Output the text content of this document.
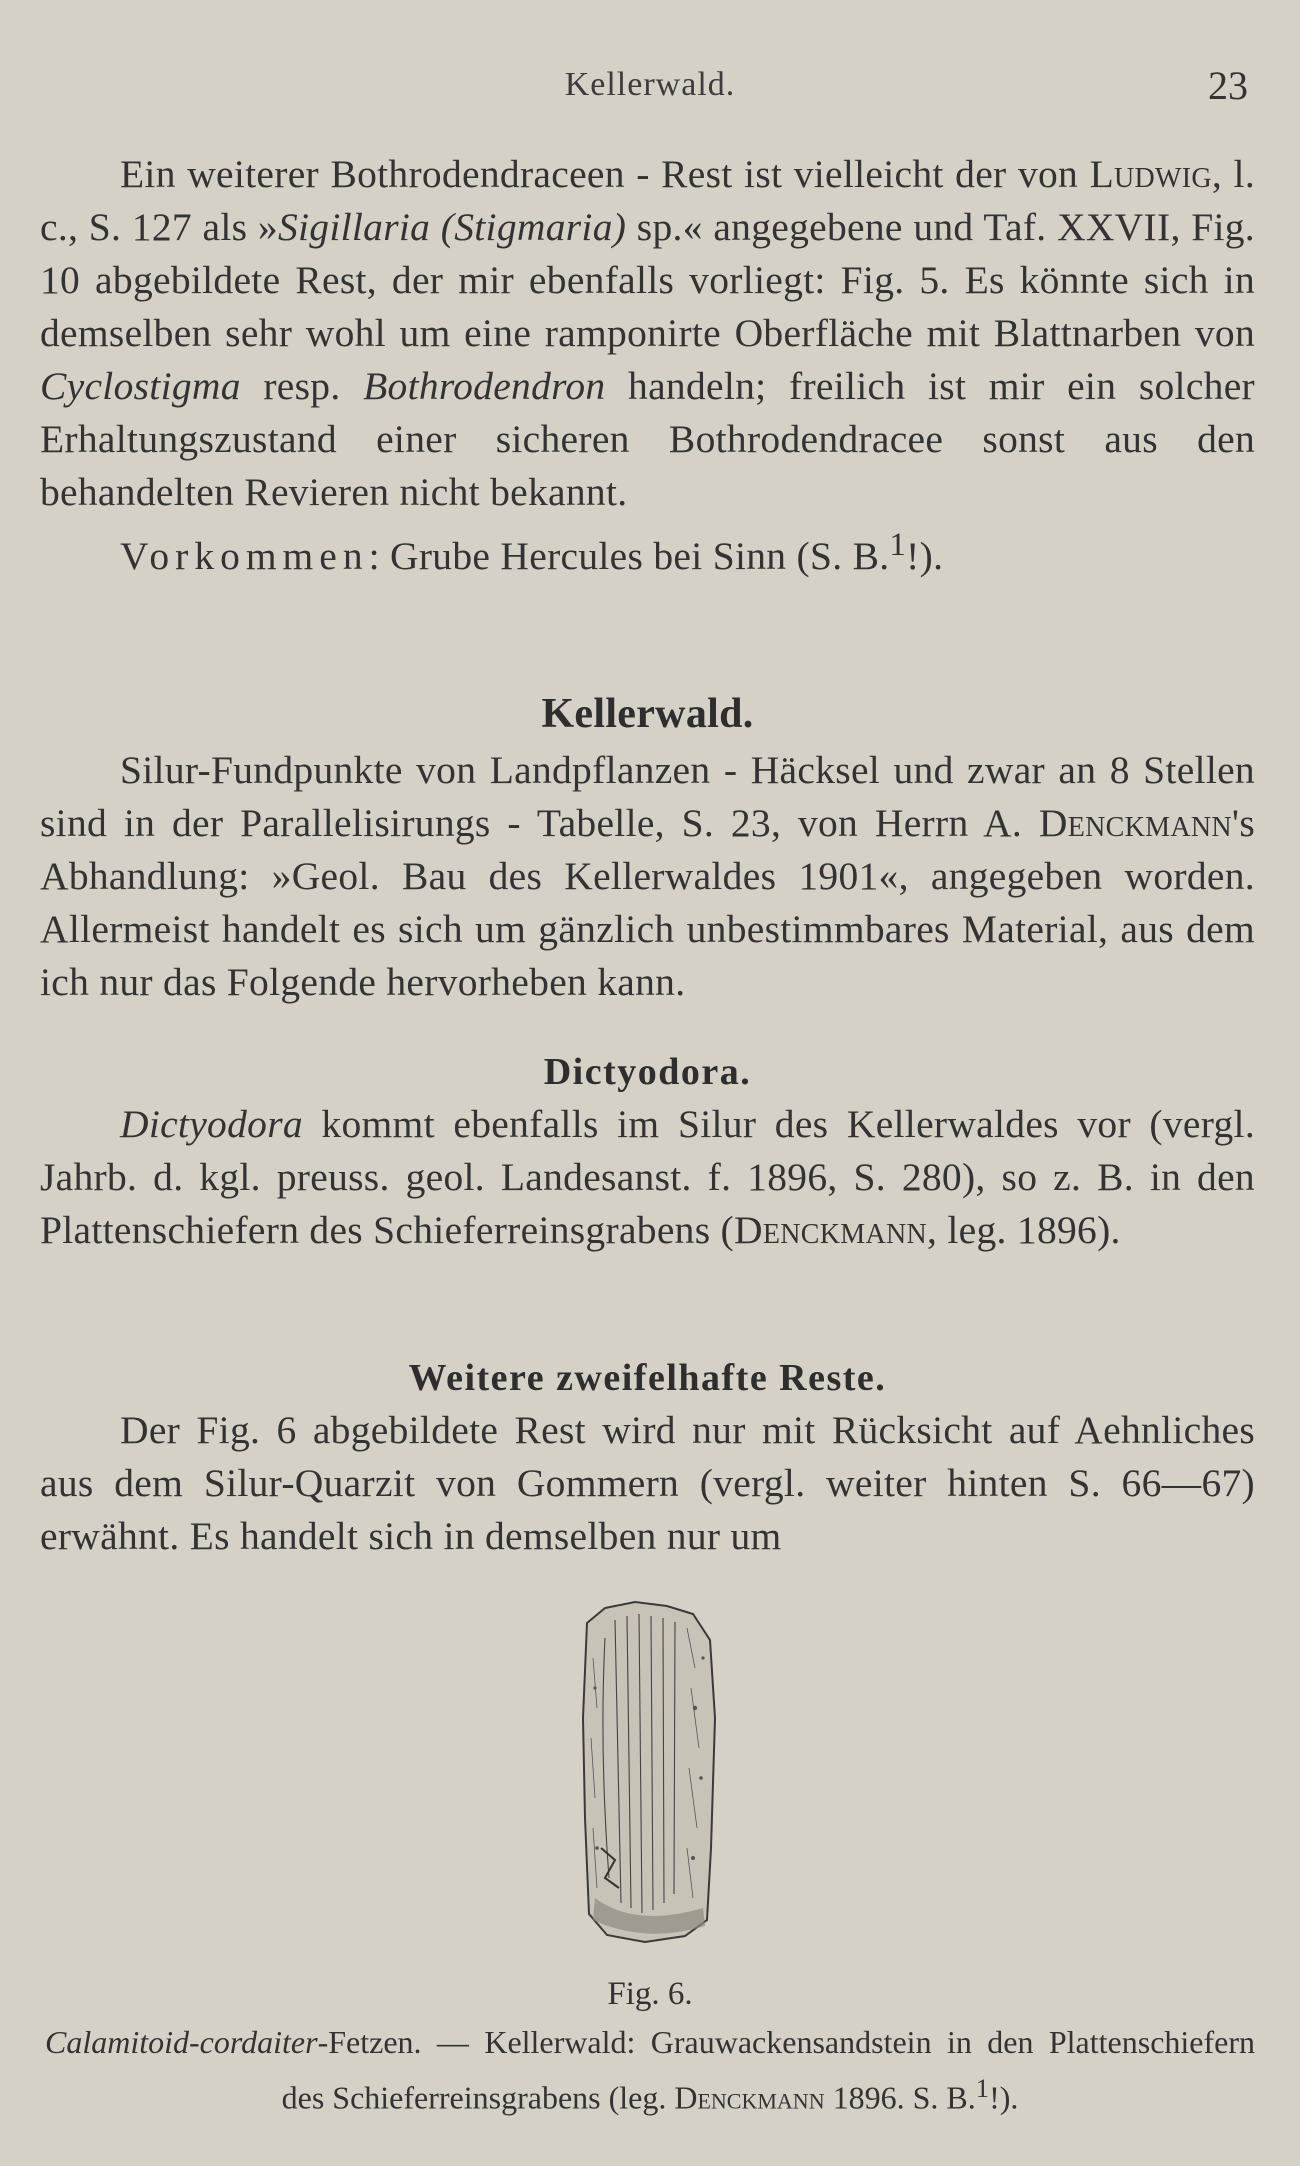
Kellerwald.	23

Ein weiterer Bothrodendraceen - Rest ist vielleicht der von Ludwig, l. c., S. 127 als »Sigillaria (Stigmaria) sp.« angegebene und Taf. XXVII, Fig. 10 abgebildete Rest, der mir ebenfalls vorliegt: Fig. 5. Es könnte sich in demselben sehr wohl um eine ramponirte Oberfläche mit Blattnarben von Cyclostigma resp. Bothrodendron handeln; freilich ist mir ein solcher Erhaltungszustand einer sicheren Bothrodendracee sonst aus den behandelten Revieren nicht bekannt.

Vorkommen: Grube Hercules bei Sinn (S. B.$^1$!).

Kellerwald.

Silur-Fundpunkte von Landpflanzen - Häcksel und zwar an 8 Stellen sind in der Parallelisirungs - Tabelle, S. 23, von Herrn A. Denckmann's Abhandlung: »Geol. Bau des Kellerwaldes 1901«, angegeben worden. Allermeist handelt es sich um gänzlich unbestimmbares Material, aus dem ich nur das Folgende hervorheben kann.

Dictyodora.

Dictyodora kommt ebenfalls im Silur des Kellerwaldes vor (vergl. Jahrb. d. kgl. preuss. geol. Landesanst. f. 1896, S. 280), so z. B. in den Plattenschiefern des Schieferreinsgrabens (Denckmann, leg. 1896).

Weitere zweifelhafte Reste.

Der Fig. 6 abgebildete Rest wird nur mit Rücksicht auf Aehnliches aus dem Silur-Quarzit von Gommern (vergl. weiter hinten S. 66—67) erwähnt. Es handelt sich in demselben nur um

Fig. 6.
Calamitoid-cordaiter-Fetzen. — Kellerwald: Grauwackensandstein in den Plattenschiefern des Schieferreinsgrabens (leg. Denckmann 1896. S. B.$^1$!).
